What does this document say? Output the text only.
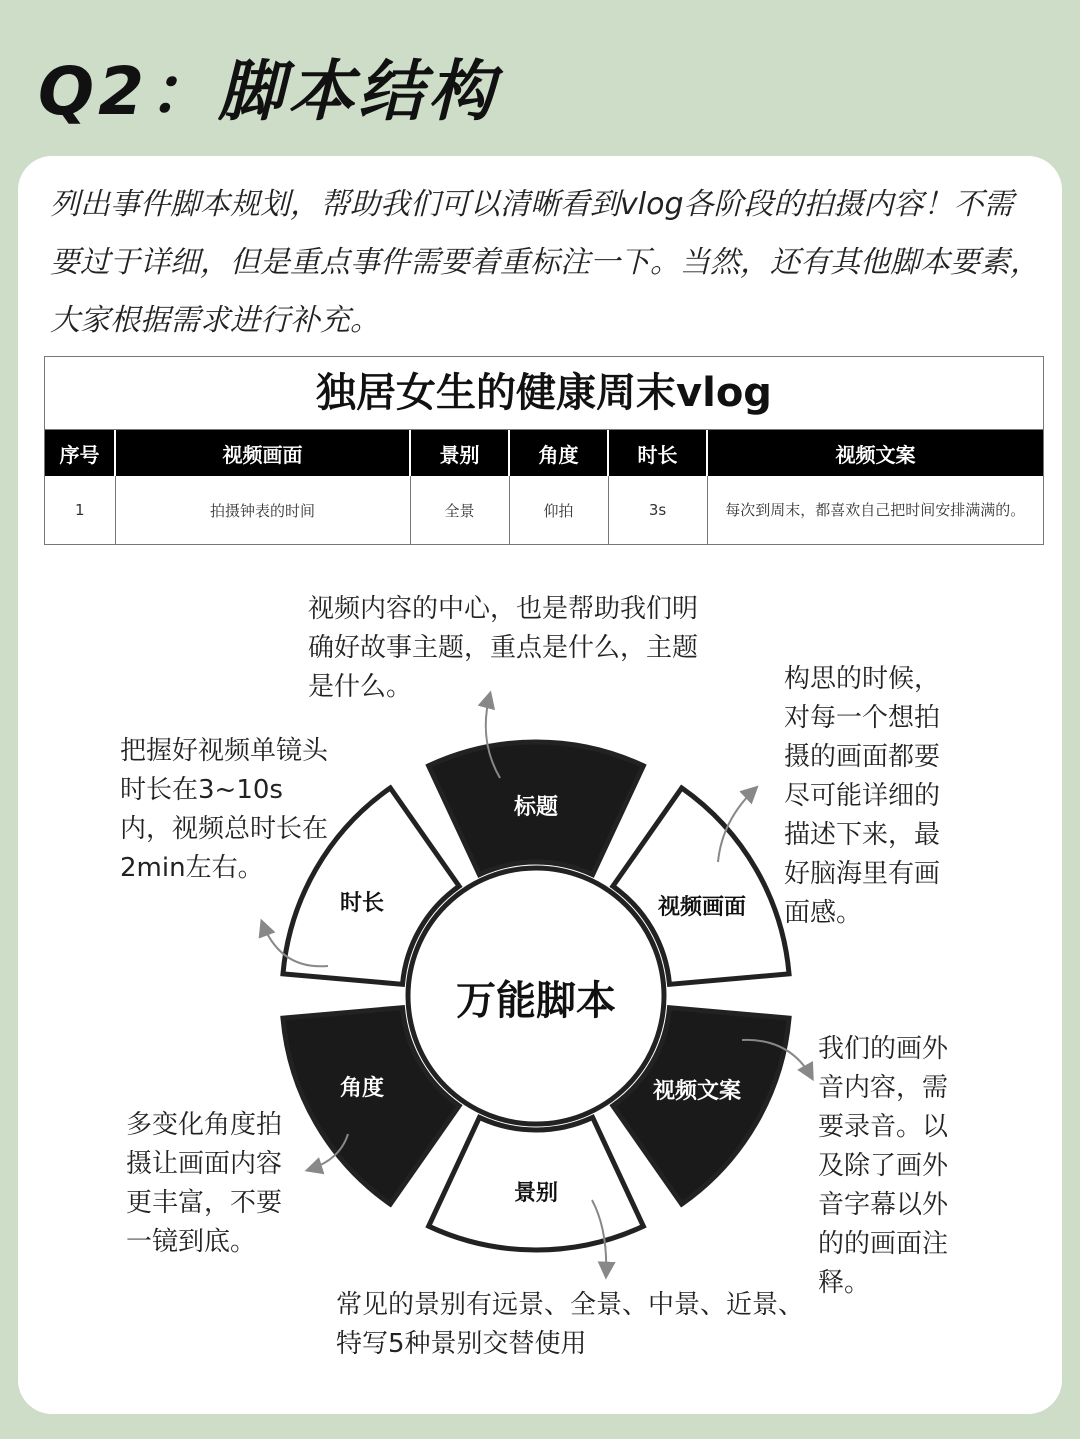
Q2：脚本结构
列出事件脚本规划，帮助我们可以清晰看到vlog各阶段的拍摄内容！不需要过于详细，但是重点事件需要着重标注一下。当然，还有其他脚本要素，大家根据需求进行补充。
独居女生的健康周末vlog
序号	视频画面	景别	角度	时长	视频文案
1	拍摄钟表的时间	全景	仰拍	3s	每次到周末，都喜欢自己把时间安排满满的。
万能脚本
标题
视频画面
视频文案
景别
角度
时长
视频内容的中心，也是帮助我们明确好故事主题，重点是什么，主题是什么。	构思的时候，对每一个想拍摄的画面都要尽可能详细的描述下来，最好脑海里有画面感。
我们的画外音内容，需要录音。以及除了画外音字幕以外的的画面注释。
常见的景别有远景、全景、中景、近景、特写5种景别交替使用
多变化角度拍摄让画面内容更丰富，不要一镜到底。
把握好视频单镜头时长在3~10s内，视频总时长在2min左右。
